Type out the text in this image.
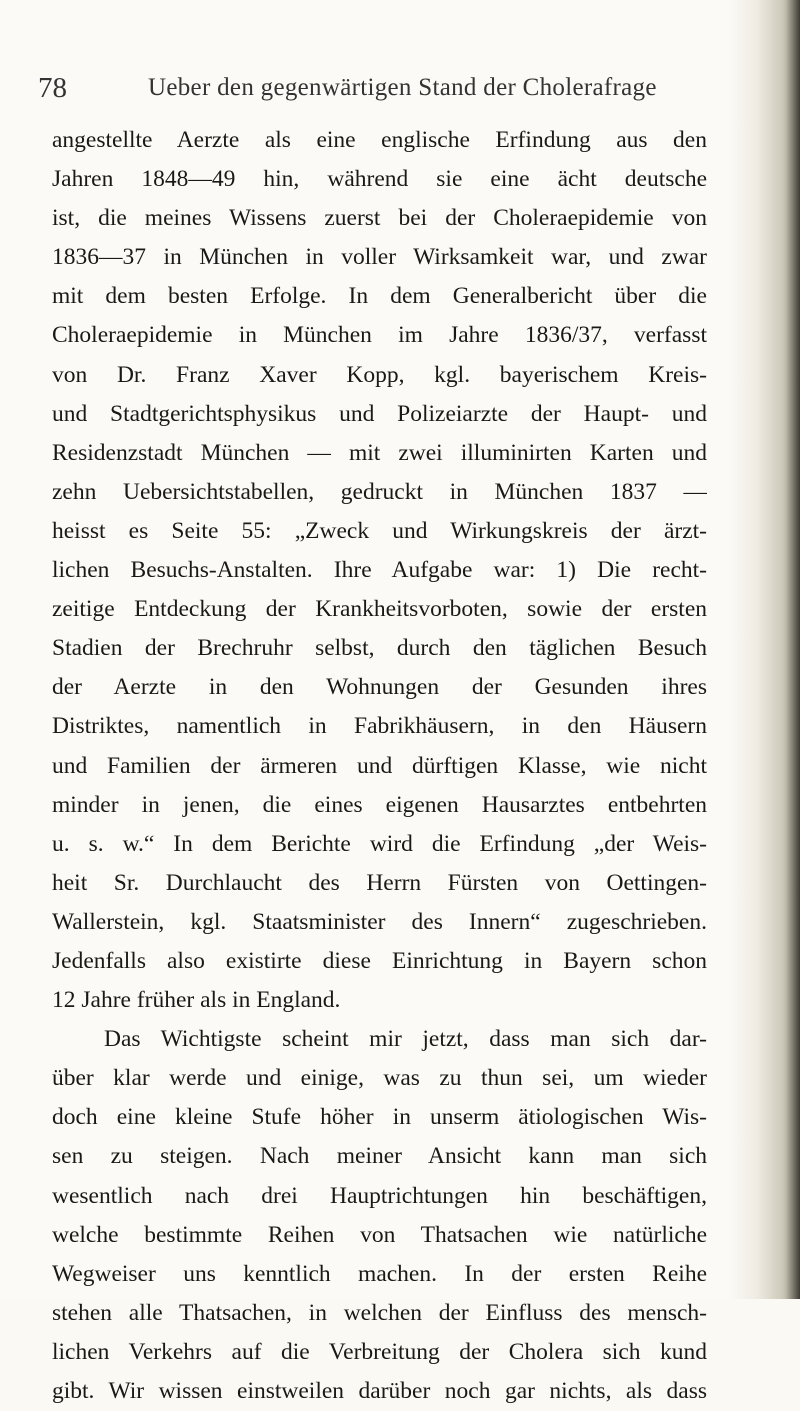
78	Ueber den gegenwärtigen Stand der Cholerafrage
angestellte Aerzte als eine englische Erfindung aus den
Jahren 1848—49 hin, während sie eine ächt deutsche
ist, die meines Wissens zuerst bei der Choleraepidemie von
1836—37 in München in voller Wirksamkeit war, und zwar
mit dem besten Erfolge. In dem Generalbericht über die
Choleraepidemie in München im Jahre 1836/37, verfasst
von Dr. Franz Xaver Kopp, kgl. bayerischem Kreis-
und Stadtgerichtsphysikus und Polizeiarzte der Haupt- und
Residenzstadt München — mit zwei illuminirten Karten und
zehn Uebersichtstabellen, gedruckt in München 1837 —
heisst es Seite 55: „Zweck und Wirkungskreis der ärzt-
lichen Besuchs-Anstalten. Ihre Aufgabe war: 1) Die recht-
zeitige Entdeckung der Krankheitsvorboten, sowie der ersten
Stadien der Brechruhr selbst, durch den täglichen Besuch
der Aerzte in den Wohnungen der Gesunden ihres
Distriktes, namentlich in Fabrikhäusern, in den Häusern
und Familien der ärmeren und dürftigen Klasse, wie nicht
minder in jenen, die eines eigenen Hausarztes entbehrten
u. s. w.“ In dem Berichte wird die Erfindung „der Weis-
heit Sr. Durchlaucht des Herrn Fürsten von Oettingen-
Wallerstein, kgl. Staatsminister des Innern“ zugeschrieben.
Jedenfalls also existirte diese Einrichtung in Bayern schon
12 Jahre früher als in England.
Das Wichtigste scheint mir jetzt, dass man sich dar-
über klar werde und einige, was zu thun sei, um wieder
doch eine kleine Stufe höher in unserm ätiologischen Wis-
sen zu steigen. Nach meiner Ansicht kann man sich
wesentlich nach drei Hauptrichtungen hin beschäftigen,
welche bestimmte Reihen von Thatsachen wie natürliche
Wegweiser uns kenntlich machen. In der ersten Reihe
stehen alle Thatsachen, in welchen der Einfluss des mensch-
lichen Verkehrs auf die Verbreitung der Cholera sich kund
gibt. Wir wissen einstweilen darüber noch gar nichts, als dass
